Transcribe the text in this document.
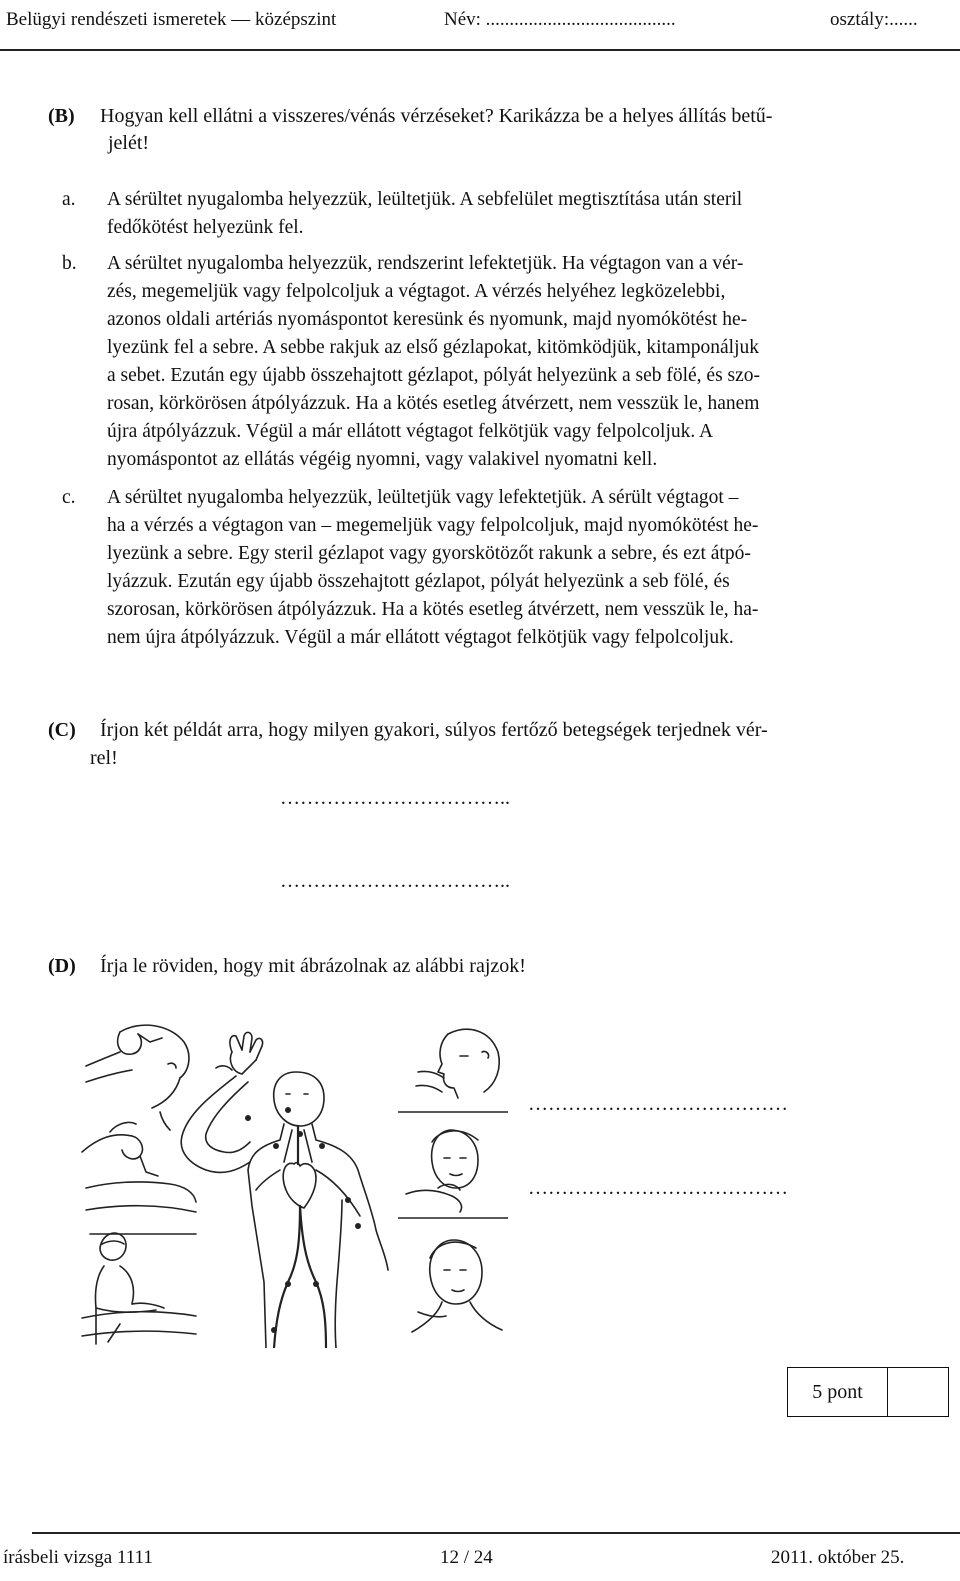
Belügyi rendészeti ismeretek — középszint	Név: ........................................	osztály:......
(B) Hogyan kell ellátni a visszeres/vénás vérzéseket? Karikázza be a helyes állítás betű-
jelét!
a. A sérültet nyugalomba helyezzük, leültetjük. A sebfelület megtisztítása után steril
fedőkötést helyezünk fel.
b. A sérültet nyugalomba helyezzük, rendszerint lefektetjük. Ha végtagon van a vér-
zés, megemeljük vagy felpolcoljuk a végtagot. A vérzés helyéhez legközelebbi,
azonos oldali artériás nyomáspontot keresünk és nyomunk, majd nyomókötést he-
lyezünk fel a sebre. A sebbe rakjuk az első gézlapokat, kitömködjük, kitamponáljuk
a sebet. Ezután egy újabb összehajtott gézlapot, pólyát helyezünk a seb fölé, és szo-
rosan, körkörösen átpólyázzuk. Ha a kötés esetleg átvérzett, nem vesszük le, hanem
újra átpólyázzuk. Végül a már ellátott végtagot felkötjük vagy felpolcoljuk. A
nyomáspontot az ellátás végéig nyomni, vagy valakivel nyomatni kell.
c. A sérültet nyugalomba helyezzük, leültetjük vagy lefektetjük. A sérült végtagot –
ha a vérzés a végtagon van – megemeljük vagy felpolcoljuk, majd nyomókötést he-
lyezünk a sebre. Egy steril gézlapot vagy gyorskötözőt rakunk a sebre, és ezt átpó-
lyázzuk. Ezután egy újabb összehajtott gézlapot, pólyát helyezünk a seb fölé, és
szorosan, körkörösen átpólyázzuk. Ha a kötés esetleg átvérzett, nem vesszük le, ha-
nem újra átpólyázzuk. Végül a már ellátott végtagot felkötjük vagy felpolcoljuk.
(C) Írjon két példát arra, hogy milyen gyakori, súlyos fertőző betegségek terjednek vér-
rel!
……………………………..
……………………………..
(D) Írja le röviden, hogy mit ábrázolnak az alábbi rajzok!
…………………………………
…………………………………
5 pont
írásbeli vizsga 1111	12 / 24	2011. október 25.
